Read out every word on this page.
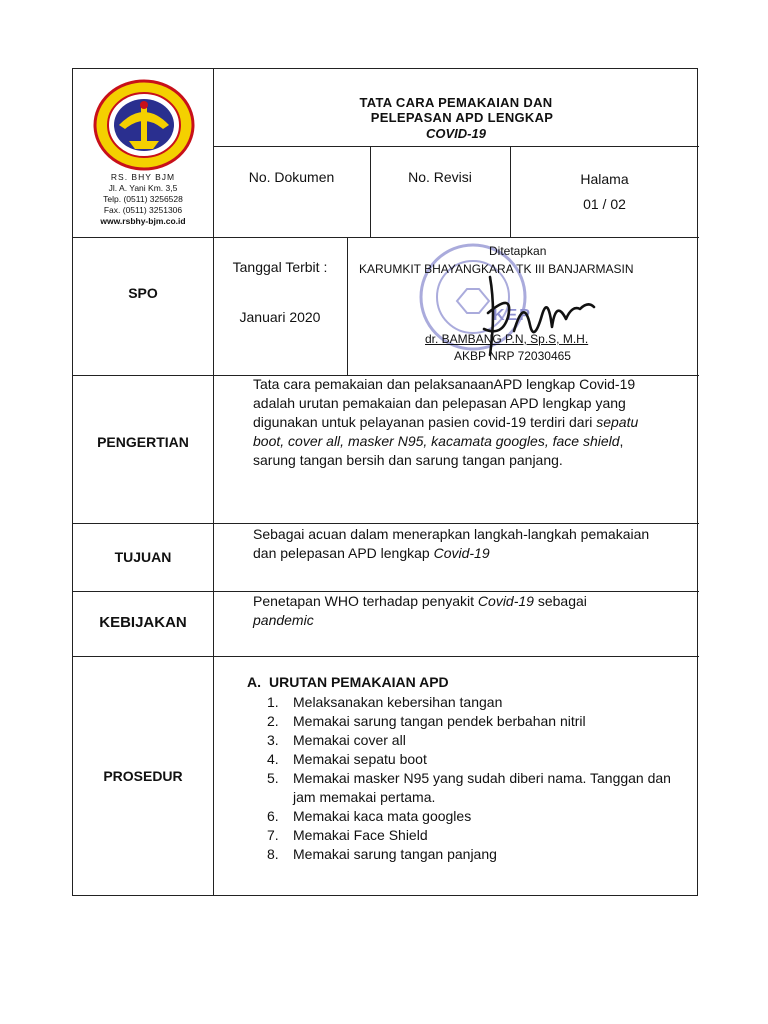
RS. BHY BJM
Jl. A. Yani Km. 3,5
Telp. (0511) 3256528
Fax. (0511) 3251306
www.rsbhy-bjm.co.id
TATA CARA PEMAKAIAN DAN
PELEPASAN APD LENGKAP
COVID-19
No. Dokumen	No. Revisi	Halama
01 / 02
SPO
Tanggal Terbit :
Januari 2020	KEP
Ditetapkan
KARUMKIT BHAYANGKARA TK III BANJARMASIN
dr. BAMBANG P.N, Sp.S, M.H.
AKBP NRP 72030465
PENGERTIAN
Tata cara pemakaian dan pelaksanaanAPD lengkap Covid-19
adalah urutan pemakaian dan pelepasan APD lengkap yang
digunakan untuk pelayanan pasien covid-19 terdiri dari sepatu
boot, cover all, masker N95, kacamata googles, face shield,
sarung tangan bersih dan sarung tangan panjang.
TUJUAN
Sebagai acuan dalam menerapkan langkah-langkah pemakaian
dan pelepasan APD lengkap Covid-19
KEBIJAKAN
Penetapan WHO terhadap penyakit Covid-19 sebagai
pandemic
PROSEDUR
A. URUTAN PEMAKAIAN APD
1. Melaksanakan kebersihan tangan
2. Memakai sarung tangan pendek berbahan nitril
3. Memakai cover all
4. Memakai sepatu boot
5. Memakai masker N95 yang sudah diberi nama. Tanggan dan jam memakai pertama.
6. Memakai kaca mata googles
7. Memakai Face Shield
8. Memakai sarung tangan panjang
